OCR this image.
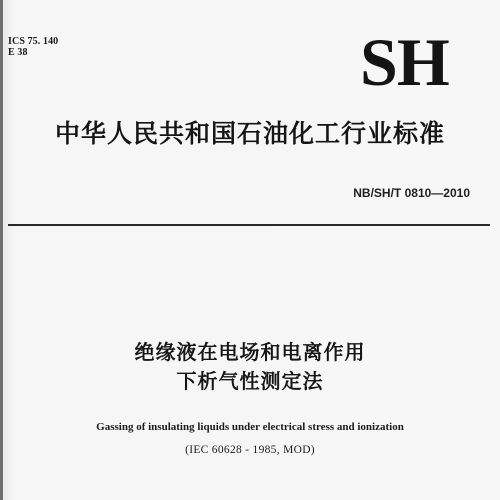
ICS 75. 140
E 38	SH
中华人民共和国石油化工行业标准
NB/SH/T 0810—2010
绝缘液在电场和电离作用
下析气性测定法
Gassing of insulating liquids under electrical stress and ionization
(IEC 60628 - 1985, MOD)
